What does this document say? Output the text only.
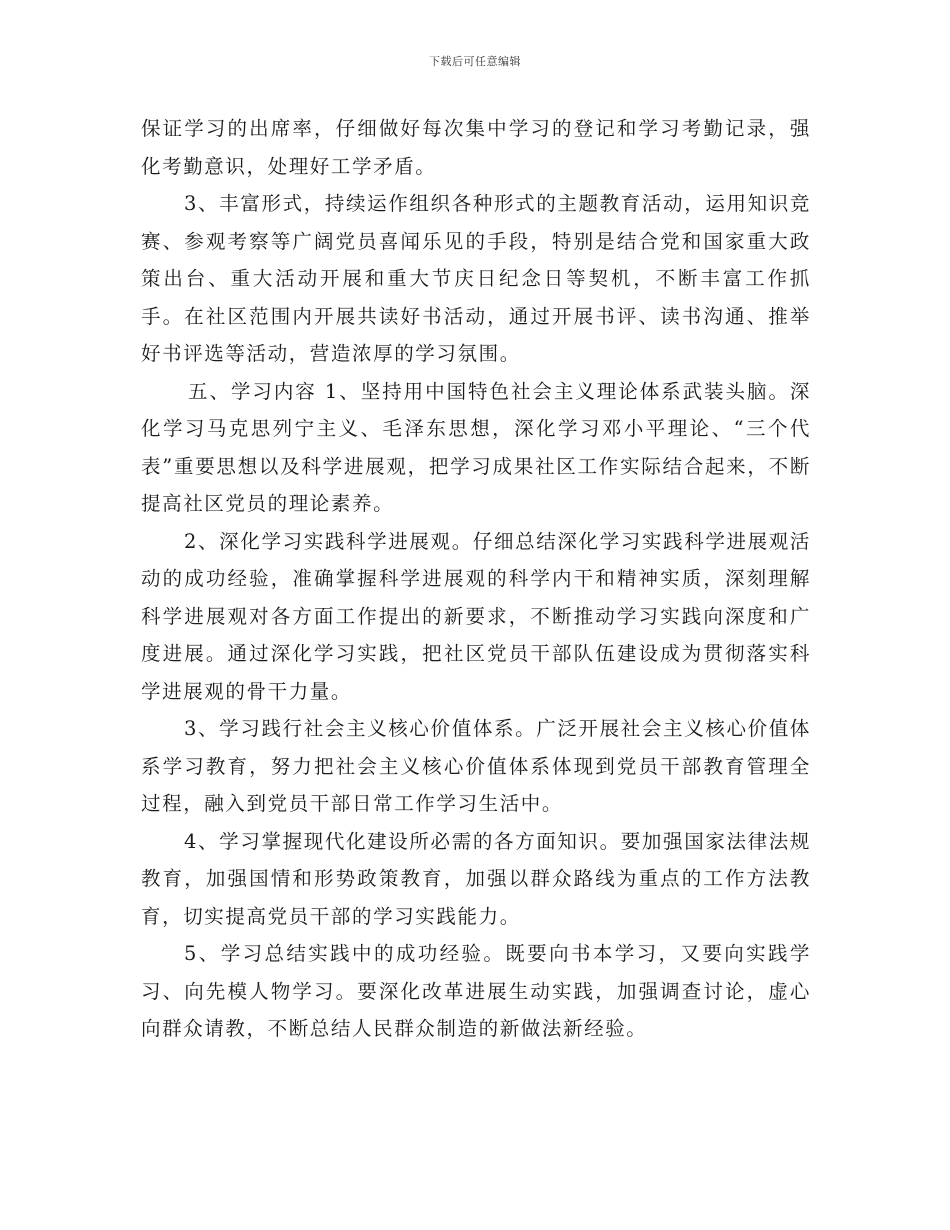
下载后可任意编辑

保证学习的出席率，仔细做好每次集中学习的登记和学习考勤记录，强化考勤意识，处理好工学矛盾。

3、丰富形式，持续运作组织各种形式的主题教育活动，运用知识竞赛、参观考察等广阔党员喜闻乐见的手段，特别是结合党和国家重大政策出台、重大活动开展和重大节庆日纪念日等契机，不断丰富工作抓手。在社区范围内开展共读好书活动，通过开展书评、读书沟通、推举好书评选等活动，营造浓厚的学习氛围。

五、学习内容 1、坚持用中国特色社会主义理论体系武装头脑。深化学习马克思列宁主义、毛泽东思想，深化学习邓小平理论、“三个代表”重要思想以及科学进展观，把学习成果社区工作实际结合起来，不断提高社区党员的理论素养。

2、深化学习实践科学进展观。仔细总结深化学习实践科学进展观活动的成功经验，准确掌握科学进展观的科学内干和精神实质，深刻理解科学进展观对各方面工作提出的新要求，不断推动学习实践向深度和广度进展。通过深化学习实践，把社区党员干部队伍建设成为贯彻落实科学进展观的骨干力量。

3、学习践行社会主义核心价值体系。广泛开展社会主义核心价值体系学习教育，努力把社会主义核心价值体系体现到党员干部教育管理全过程，融入到党员干部日常工作学习生活中。

4、学习掌握现代化建设所必需的各方面知识。要加强国家法律法规教育，加强国情和形势政策教育，加强以群众路线为重点的工作方法教育，切实提高党员干部的学习实践能力。

5、学习总结实践中的成功经验。既要向书本学习，又要向实践学习、向先模人物学习。要深化改革进展生动实践，加强调查讨论，虚心向群众请教，不断总结人民群众制造的新做法新经验。
